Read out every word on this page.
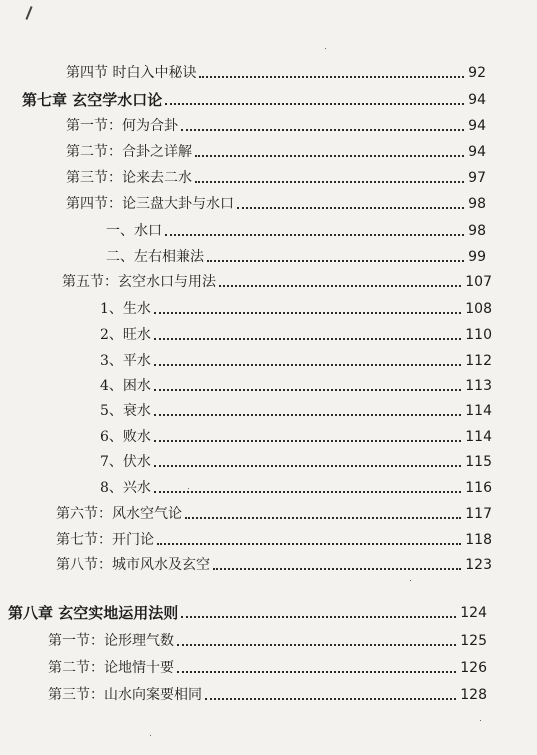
第四节 时白入中秘诀	92
第七章 玄空学水口论	94
第一节：何为合卦	94
第二节：合卦之详解	94
第三节：论来去二水	97
第四节：论三盘大卦与水口	98
一、水口	98
二、左右相兼法	99
第五节：玄空水口与用法	107
1、生水	108
2、旺水	110
3、平水	112
4、困水	113
5、衰水	114
6、败水	114
7、伏水	115
8、兴水	116
第六节：风水空气论	117
第七节：开门论	118
第八节：城市风水及玄空	123
第八章 玄空实地运用法则	124
第一节：论形理气数	125
第二节：论地情十要	126
第三节：山水向案要相同	128
